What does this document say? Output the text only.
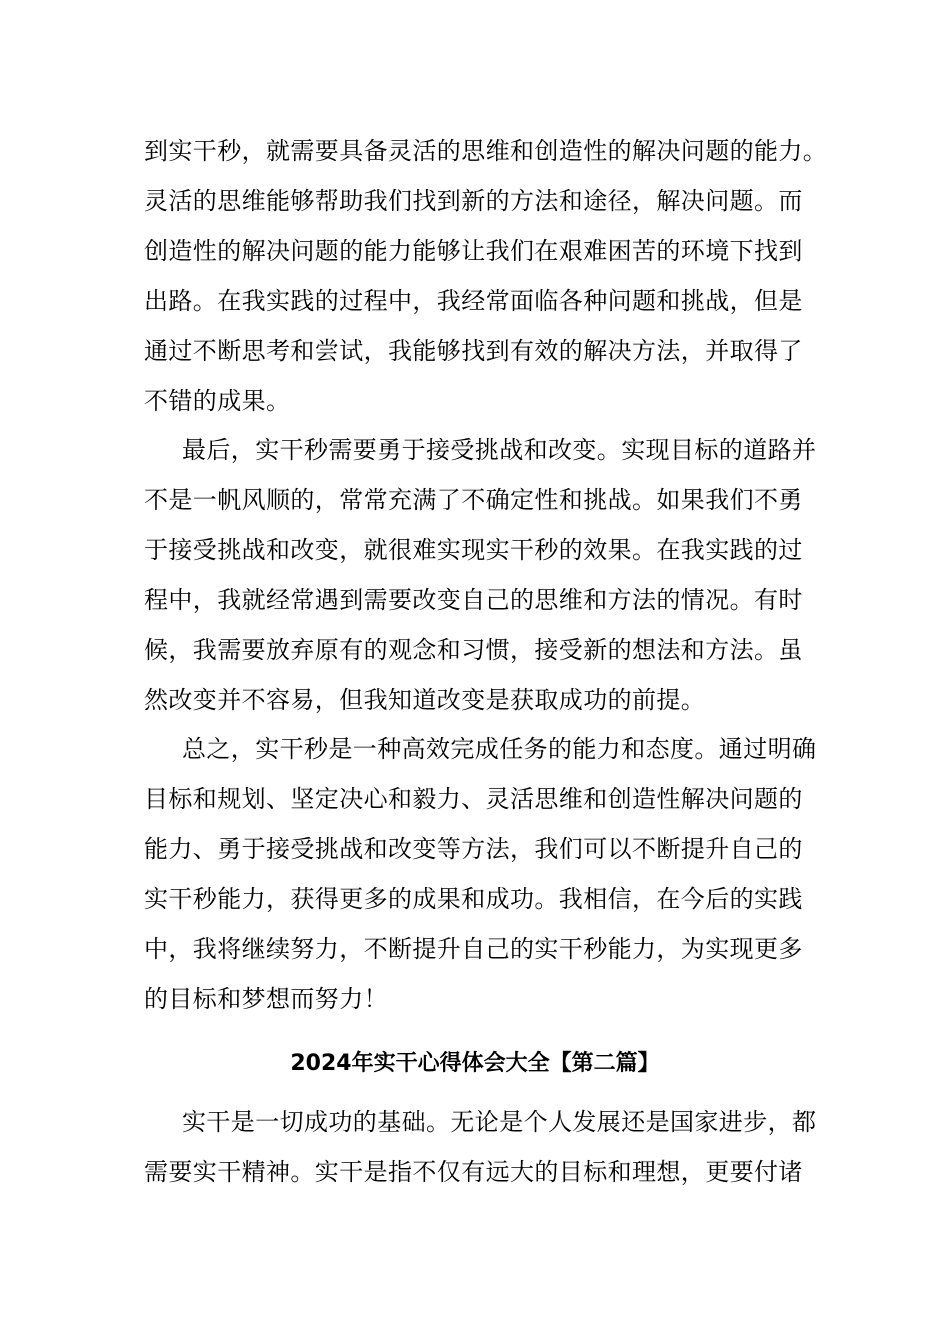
到实干秒，就需要具备灵活的思维和创造性的解决问题的能力。
灵活的思维能够帮助我们找到新的方法和途径，解决问题。而
创造性的解决问题的能力能够让我们在艰难困苦的环境下找到
出路。在我实践的过程中，我经常面临各种问题和挑战，但是
通过不断思考和尝试，我能够找到有效的解决方法，并取得了
不错的成果。
最后，实干秒需要勇于接受挑战和改变。实现目标的道路并
不是一帆风顺的，常常充满了不确定性和挑战。如果我们不勇
于接受挑战和改变，就很难实现实干秒的效果。在我实践的过
程中，我就经常遇到需要改变自己的思维和方法的情况。有时
候，我需要放弃原有的观念和习惯，接受新的想法和方法。虽
然改变并不容易，但我知道改变是获取成功的前提。
总之，实干秒是一种高效完成任务的能力和态度。通过明确
目标和规划、坚定决心和毅力、灵活思维和创造性解决问题的
能力、勇于接受挑战和改变等方法，我们可以不断提升自己的
实干秒能力，获得更多的成果和成功。我相信，在今后的实践
中，我将继续努力，不断提升自己的实干秒能力，为实现更多
的目标和梦想而努力！
2024年实干心得体会大全【第二篇】
实干是一切成功的基础。无论是个人发展还是国家进步，都
需要实干精神。实干是指不仅有远大的目标和理想，更要付诸
